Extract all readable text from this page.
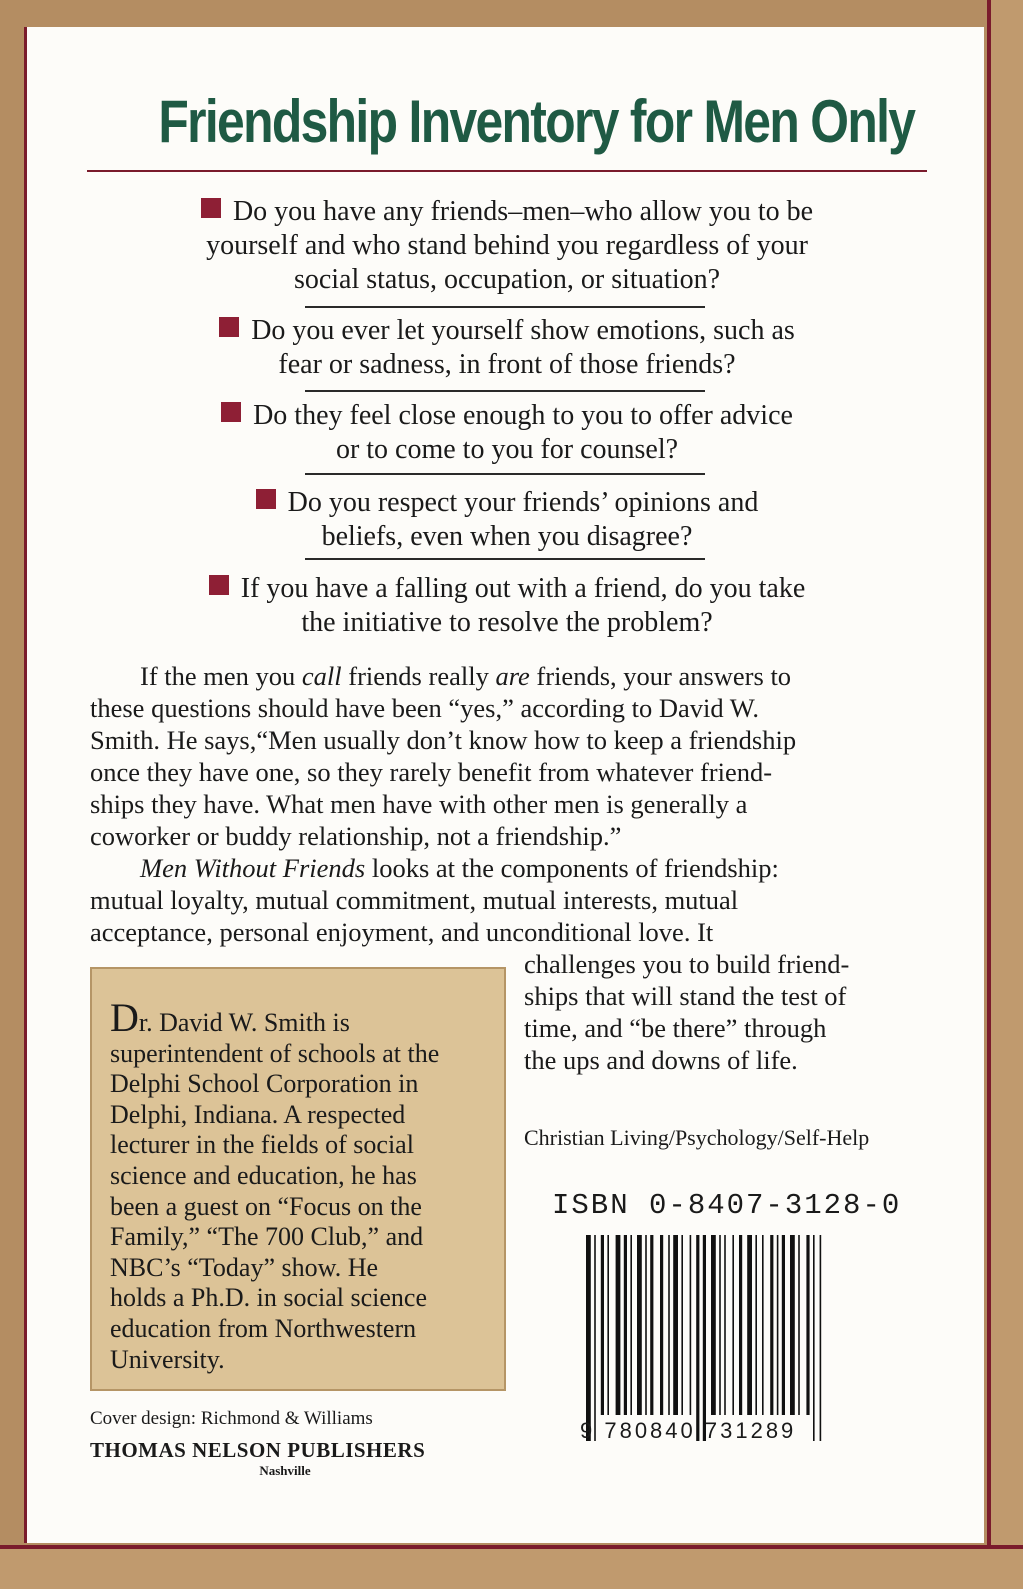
Friendship Inventory for Men Only
Do you have any friends–men–who allow you to be
yourself and who stand behind you regardless of your
social status, occupation, or situation?
Do you ever let yourself show emotions, such as
fear or sadness, in front of those friends?
Do they feel close enough to you to offer advice
or to come to you for counsel?
Do you respect your friends’ opinions and
beliefs, even when you disagree?
If you have a falling out with a friend, do you take
the initiative to resolve the problem?

If the men you call friends really are friends, your answers to

these questions should have been “yes,” according to David W.

Smith. He says,“Men usually don’t know how to keep a friendship

once they have one, so they rarely benefit from whatever friend-

ships they have. What men have with other men is generally a

coworker or buddy relationship, not a friendship.”

Men Without Friends looks at the components of friendship:

mutual loyalty, mutual commitment, mutual interests, mutual

acceptance, personal enjoyment, and unconditional love. It

challenges you to build friend-

ships that will stand the test of

time, and “be there” through

the ups and downs of life.

Dr. David W. Smith is
superintendent of schools at the
Delphi School Corporation in
Delphi, Indiana. A respected
lecturer in the fields of social
science and education, he has
been a guest on “Focus on the
Family,” “The 700 Club,” and
NBC’s “Today” show. He
holds a Ph.D. in social science
education from Northwestern
University.

Christian Living/Psychology/Self-Help

ISBN 0-8407-3128-0

9 780840 731289

Cover design: Richmond & Williams

THOMAS NELSON PUBLISHERS

Nashville
